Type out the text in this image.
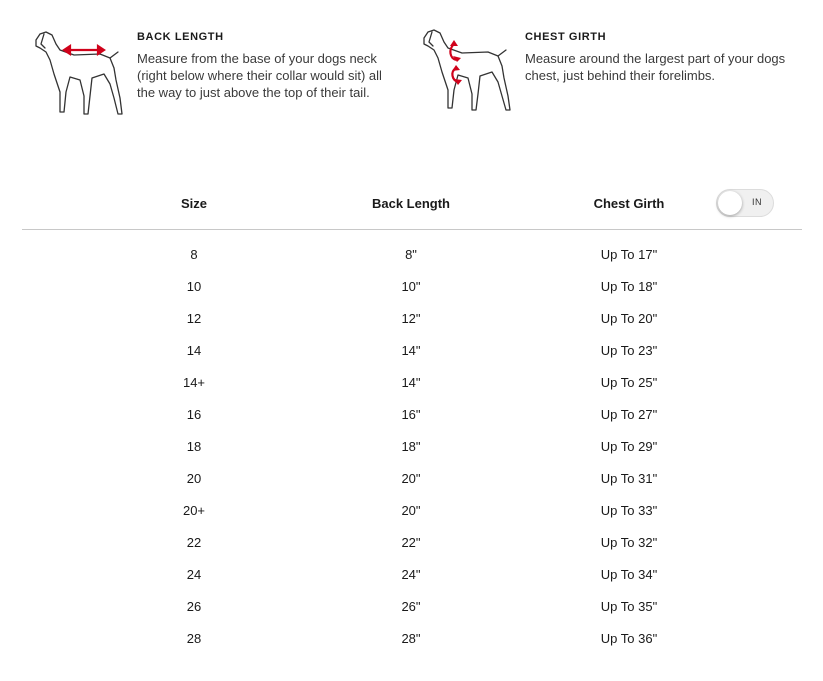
BACK LENGTH
Measure from the base of your dogs neck (right below where their collar would sit) all the way to just above the top of their tail.
CHEST GIRTH
Measure around the largest part of your dogs chest, just behind their forelimbs.
Size	Back Length	Chest Girth	IN
8	8"	Up To 17"
10	10"	Up To 18"
12	12"	Up To 20"
14	14"	Up To 23"
14+	14"	Up To 25"
16	16"	Up To 27"
18	18"	Up To 29"
20	20"	Up To 31"
20+	20"	Up To 33"
22	22"	Up To 32"
24	24"	Up To 34"
26	26"	Up To 35"
28	28"	Up To 36"
